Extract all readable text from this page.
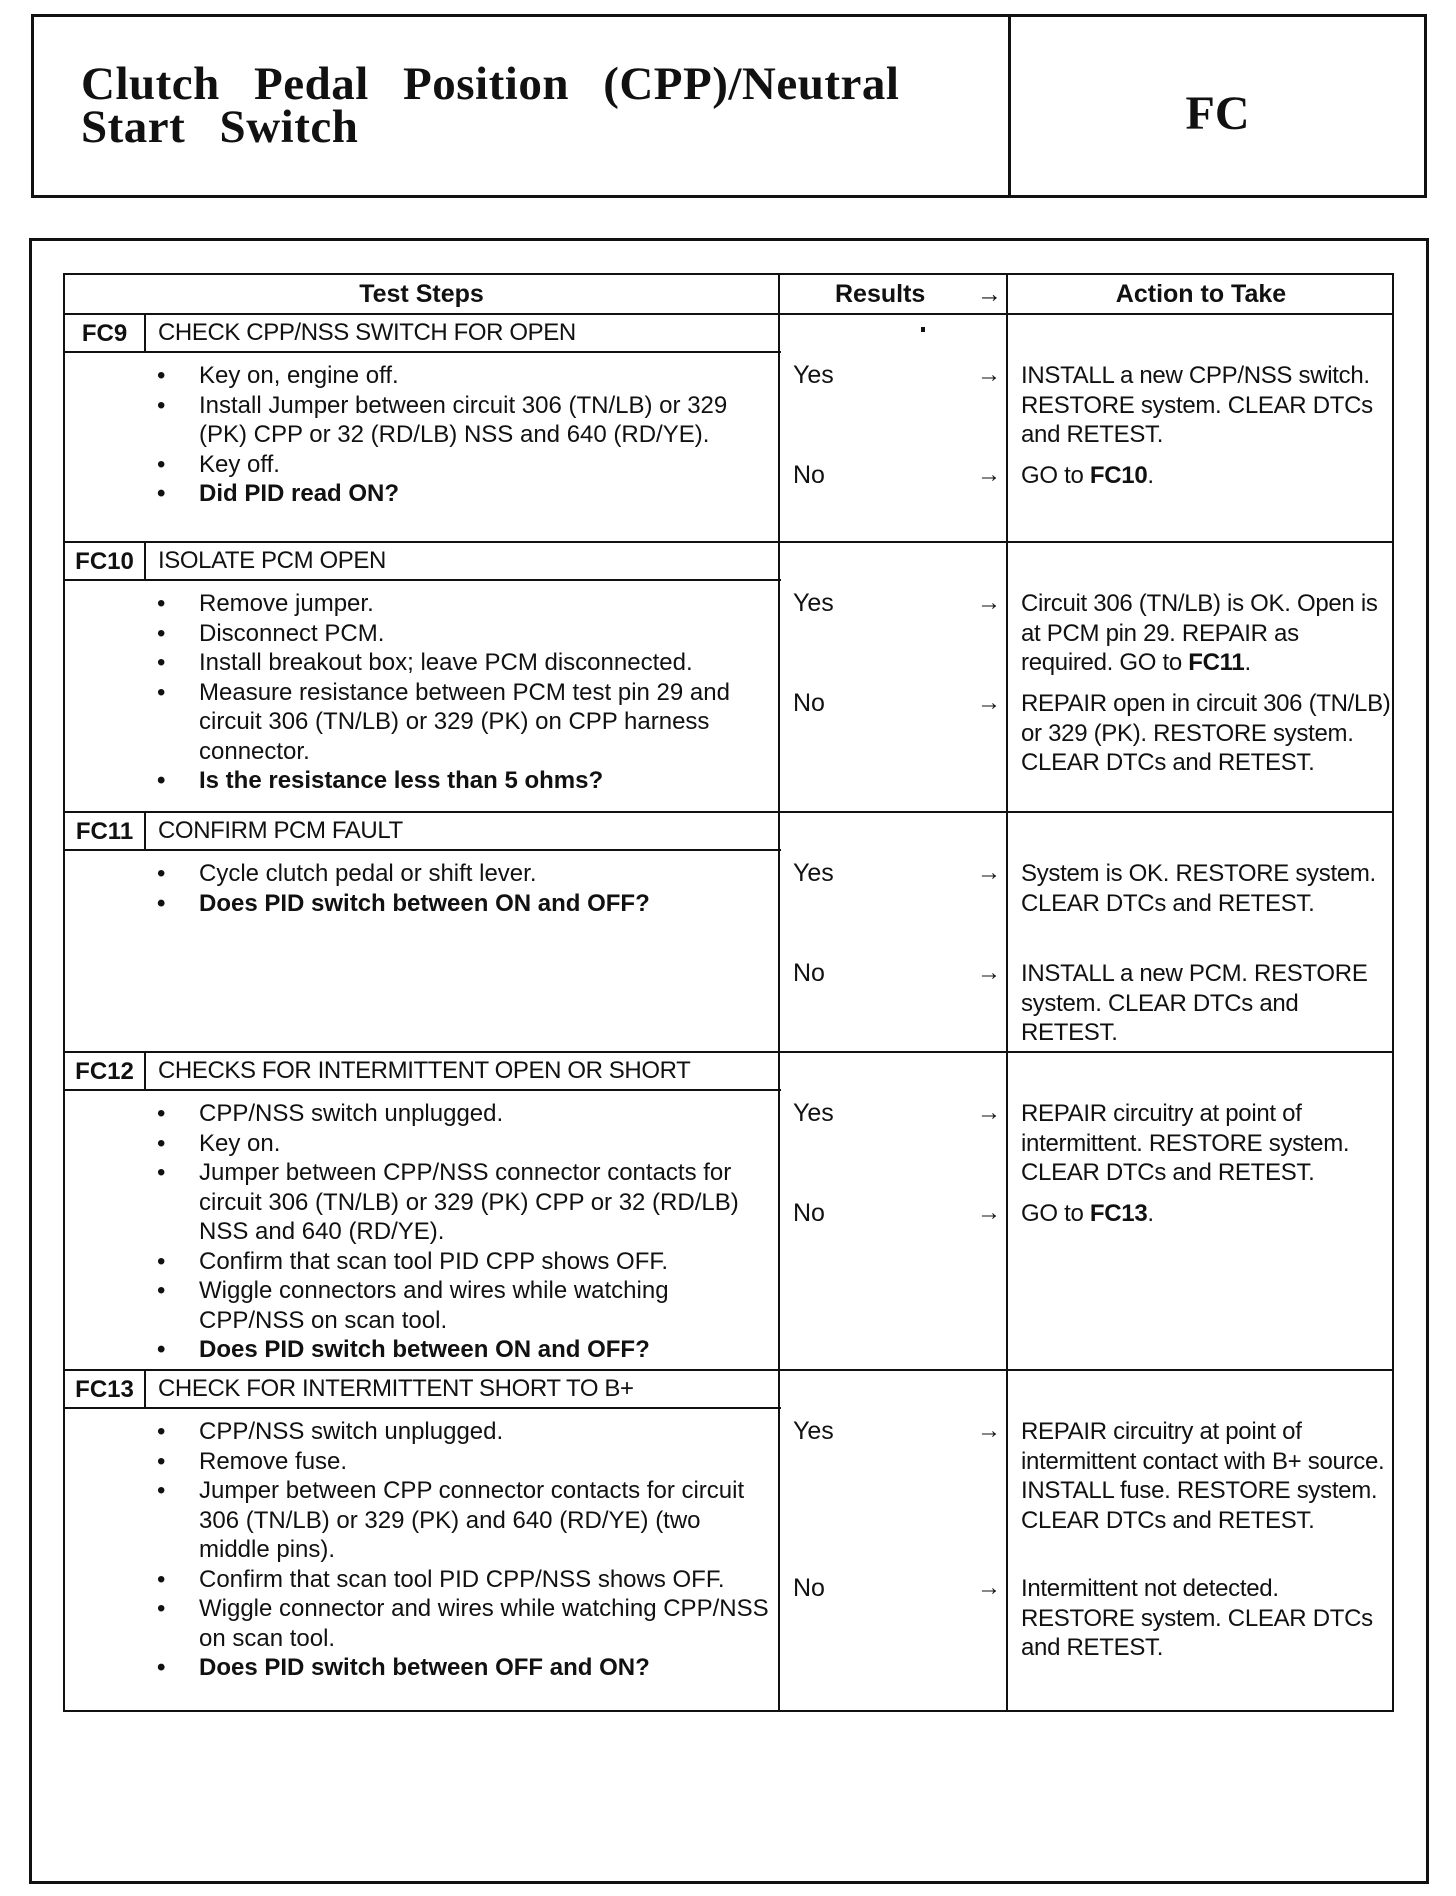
Clutch Pedal Position (CPP)/Neutral
Start Switch	FC
Test Steps	Results →	Action to Take
FC9	CHECK CPP/NSS SWITCH FOR OPEN
• Key on, engine off.
• Install Jumper between circuit 306 (TN/LB) or 329 (PK) CPP or 32 (RD/LB) NSS and 640 (RD/YE).
• Key off.
• Did PID read ON?
Yes	→ INSTALL a new CPP/NSS switch. RESTORE system. CLEAR DTCs and RETEST.
No	→ GO to FC10.
FC10	ISOLATE PCM OPEN
• Remove jumper.
• Disconnect PCM.
• Install breakout box; leave PCM disconnected.
• Measure resistance between PCM test pin 29 and circuit 306 (TN/LB) or 329 (PK) on CPP harness connector.
• Is the resistance less than 5 ohms?
Yes	→ Circuit 306 (TN/LB) is OK. Open is at PCM pin 29. REPAIR as required. GO to FC11.
No	→ REPAIR open in circuit 306 (TN/LB) or 329 (PK). RESTORE system. CLEAR DTCs and RETEST.
FC11	CONFIRM PCM FAULT
• Cycle clutch pedal or shift lever.
• Does PID switch between ON and OFF?
Yes	→ System is OK. RESTORE system. CLEAR DTCs and RETEST.
No	→ INSTALL a new PCM. RESTORE system. CLEAR DTCs and RETEST.
FC12	CHECKS FOR INTERMITTENT OPEN OR SHORT
• CPP/NSS switch unplugged.
• Key on.
• Jumper between CPP/NSS connector contacts for circuit 306 (TN/LB) or 329 (PK) CPP or 32 (RD/LB) NSS and 640 (RD/YE).
• Confirm that scan tool PID CPP shows OFF.
• Wiggle connectors and wires while watching CPP/NSS on scan tool.
• Does PID switch between ON and OFF?
Yes	→ REPAIR circuitry at point of intermittent. RESTORE system. CLEAR DTCs and RETEST.
No	→ GO to FC13.
FC13	CHECK FOR INTERMITTENT SHORT TO B+
• CPP/NSS switch unplugged.
• Remove fuse.
• Jumper between CPP connector contacts for circuit 306 (TN/LB) or 329 (PK) and 640 (RD/YE) (two middle pins).
• Confirm that scan tool PID CPP/NSS shows OFF.
• Wiggle connector and wires while watching CPP/NSS on scan tool.
• Does PID switch between OFF and ON?
Yes	→ REPAIR circuitry at point of intermittent contact with B+ source. INSTALL fuse. RESTORE system. CLEAR DTCs and RETEST.
No	→ Intermittent not detected. RESTORE system. CLEAR DTCs and RETEST.
